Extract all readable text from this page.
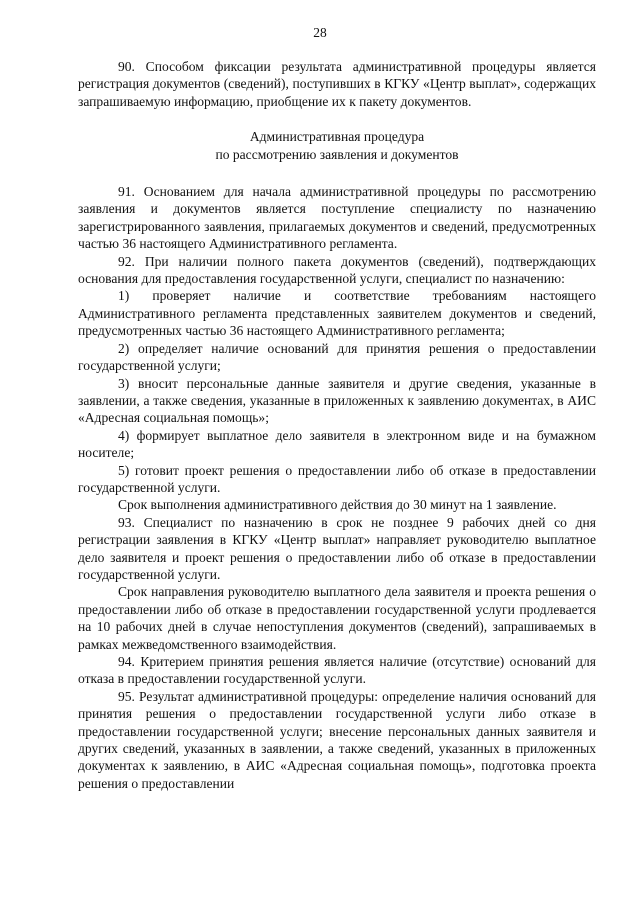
28

90. Способом фиксации результата административной процедуры является регистрация документов (сведений), поступивших в КГКУ «Центр выплат», содержащих запрашиваемую информацию, приобщение их к пакету документов.

Административная процедура
по рассмотрению заявления и документов

91. Основанием для начала административной процедуры по рассмотрению заявления и документов является поступление специалисту по назначению зарегистрированного заявления, прилагаемых документов и сведений, предусмотренных частью 36 настоящего Административного регламента.

92. При наличии полного пакета документов (сведений), подтверждающих основания для предоставления государственной услуги, специалист по назначению:

1) проверяет наличие и соответствие требованиям настоящего Административного регламента представленных заявителем документов и сведений, предусмотренных частью 36 настоящего Административного регламента;

2) определяет наличие оснований для принятия решения о предоставлении государственной услуги;

3) вносит персональные данные заявителя и другие сведения, указанные в заявлении, а также сведения, указанные в приложенных к заявлению документах, в АИС «Адресная социальная помощь»;

4) формирует выплатное дело заявителя в электронном виде и на бумажном носителе;

5) готовит проект решения о предоставлении либо об отказе в предоставлении государственной услуги.

Срок выполнения административного действия до 30 минут на 1 заявление.

93. Специалист по назначению в срок не позднее 9 рабочих дней со дня регистрации заявления в КГКУ «Центр выплат» направляет руководителю выплатное дело заявителя и проект решения о предоставлении либо об отказе в предоставлении государственной услуги.

Срок направления руководителю выплатного дела заявителя и проекта решения о предоставлении либо об отказе в предоставлении государственной услуги продлевается на 10 рабочих дней в случае непоступления документов (сведений), запрашиваемых в рамках межведомственного взаимодействия.

94. Критерием принятия решения является наличие (отсутствие) оснований для отказа в предоставлении государственной услуги.

95. Результат административной процедуры: определение наличия оснований для принятия решения о предоставлении государственной услуги либо отказе в предоставлении государственной услуги; внесение персональных данных заявителя и других сведений, указанных в заявлении, а также сведений, указанных в приложенных документах к заявлению, в АИС «Адресная социальная помощь», подготовка проекта решения о предоставлении
